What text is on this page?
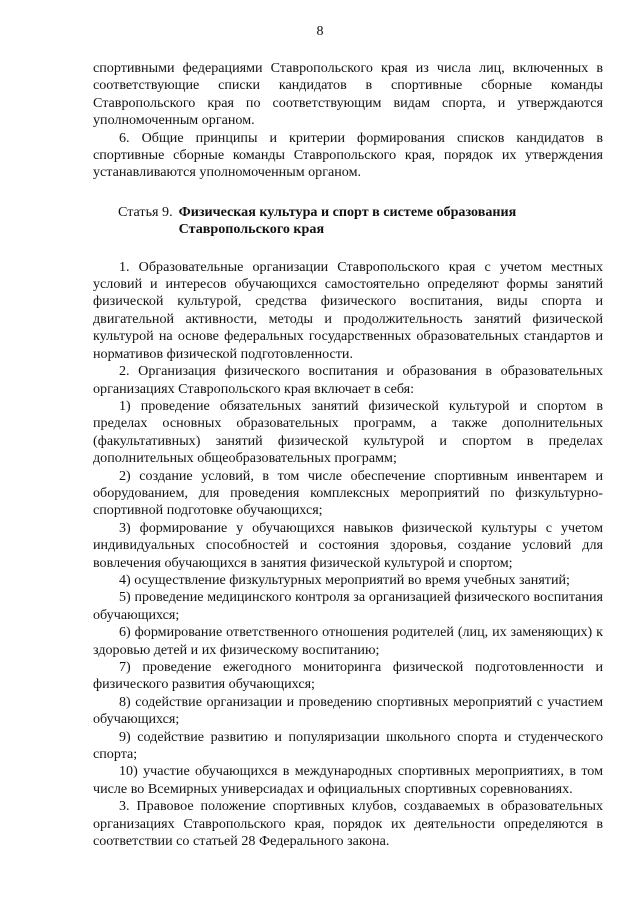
8

спортивными федерациями Ставропольского края из числа лиц, включенных в соответствующие списки кандидатов в спортивные сборные команды Ставропольского края по соответствующим видам спорта, и утверждаются уполномоченным органом.

6. Общие принципы и критерии формирования списков кандидатов в спортивные сборные команды Ставропольского края, порядок их утверждения устанавливаются уполномоченным органом.

Статья 9. Физическая культура и спорт в системе образования
Ставропольского края

1. Образовательные организации Ставропольского края с учетом местных условий и интересов обучающихся самостоятельно определяют формы занятий физической культурой, средства физического воспитания, виды спорта и двигательной активности, методы и продолжительность занятий физической культурой на основе федеральных государственных образовательных стандартов и нормативов физической подготовленности.

2. Организация физического воспитания и образования в образовательных организациях Ставропольского края включает в себя:

1) проведение обязательных занятий физической культурой и спортом в пределах основных образовательных программ, а также дополнительных (факультативных) занятий физической культурой и спортом в пределах дополнительных общеобразовательных программ;

2) создание условий, в том числе обеспечение спортивным инвентарем и оборудованием, для проведения комплексных мероприятий по физкультурно-спортивной подготовке обучающихся;

3) формирование у обучающихся навыков физической культуры с учетом индивидуальных способностей и состояния здоровья, создание условий для вовлечения обучающихся в занятия физической культурой и спортом;

4) осуществление физкультурных мероприятий во время учебных занятий;

5) проведение медицинского контроля за организацией физического воспитания обучающихся;

6) формирование ответственного отношения родителей (лиц, их заменяющих) к здоровью детей и их физическому воспитанию;

7) проведение ежегодного мониторинга физической подготовленности и физического развития обучающихся;

8) содействие организации и проведению спортивных мероприятий с участием обучающихся;

9) содействие развитию и популяризации школьного спорта и студенческого спорта;

10) участие обучающихся в международных спортивных мероприятиях, в том числе во Всемирных универсиадах и официальных спортивных соревнованиях.

3. Правовое положение спортивных клубов, создаваемых в образовательных организациях Ставропольского края, порядок их деятельности определяются в соответствии со статьей 28 Федерального закона.
